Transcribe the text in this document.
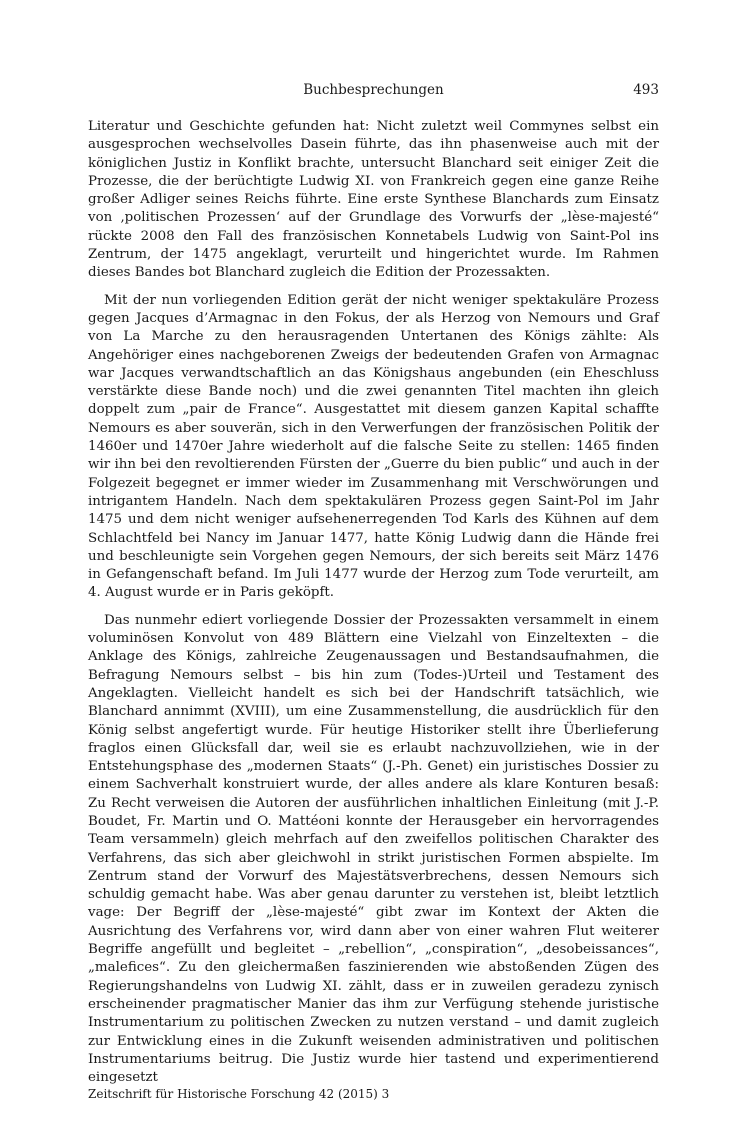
Buchbesprechungen	493

Literatur und Geschichte gefunden hat: Nicht zuletzt weil Commynes selbst ein ausgesprochen wechselvolles Dasein führte, das ihn phasenweise auch mit der königlichen Justiz in Konflikt brachte, untersucht Blanchard seit einiger Zeit die Prozesse, die der berüchtigte Ludwig XI. von Frankreich gegen eine ganze Reihe großer Adliger seines Reichs führte. Eine erste Synthese Blanchards zum Einsatz von ‚politischen Prozessen‘ auf der Grundlage des Vorwurfs der „lèse-majesté“ rückte 2008 den Fall des französischen Konnetabels Ludwig von Saint-Pol ins Zentrum, der 1475 angeklagt, verurteilt und hingerichtet wurde. Im Rahmen dieses Bandes bot Blanchard zugleich die Edition der Prozessakten.

Mit der nun vorliegenden Edition gerät der nicht weniger spektakuläre Prozess gegen Jacques d’Armagnac in den Fokus, der als Herzog von Nemours und Graf von La Marche zu den herausragenden Untertanen des Königs zählte: Als Angehöriger eines nachgeborenen Zweigs der bedeutenden Grafen von Armagnac war Jacques verwandtschaftlich an das Königshaus angebunden (ein Eheschluss verstärkte diese Bande noch) und die zwei genannten Titel machten ihn gleich doppelt zum „pair de France“. Ausgestattet mit diesem ganzen Kapital schaffte Nemours es aber souverän, sich in den Verwerfungen der französischen Politik der 1460er und 1470er Jahre wiederholt auf die falsche Seite zu stellen: 1465 finden wir ihn bei den revoltierenden Fürsten der „Guerre du bien public“ und auch in der Folgezeit begegnet er immer wieder im Zusammenhang mit Verschwörungen und intrigantem Handeln. Nach dem spektakulären Prozess gegen Saint-Pol im Jahr 1475 und dem nicht weniger aufsehenerregenden Tod Karls des Kühnen auf dem Schlachtfeld bei Nancy im Januar 1477, hatte König Ludwig dann die Hände frei und beschleunigte sein Vorgehen gegen Nemours, der sich bereits seit März 1476 in Gefangenschaft befand. Im Juli 1477 wurde der Herzog zum Tode verurteilt, am 4. August wurde er in Paris geköpft.

Das nunmehr ediert vorliegende Dossier der Prozessakten versammelt in einem voluminösen Konvolut von 489 Blättern eine Vielzahl von Einzeltexten – die Anklage des Königs, zahlreiche Zeugenaussagen und Bestandsaufnahmen, die Befragung Nemours selbst – bis hin zum (Todes-)Urteil und Testament des Angeklagten. Vielleicht handelt es sich bei der Handschrift tatsächlich, wie Blanchard annimmt (XVIII), um eine Zusammenstellung, die ausdrücklich für den König selbst angefertigt wurde. Für heutige Historiker stellt ihre Überlieferung fraglos einen Glücksfall dar, weil sie es erlaubt nachzuvollziehen, wie in der Entstehungsphase des „modernen Staats“ (J.-Ph. Genet) ein juristisches Dossier zu einem Sachverhalt konstruiert wurde, der alles andere als klare Konturen besaß: Zu Recht verweisen die Autoren der ausführlichen inhaltlichen Einleitung (mit J.-P. Boudet, Fr. Martin und O. Mattéoni konnte der Herausgeber ein hervorragendes Team versammeln) gleich mehrfach auf den zweifellos politischen Charakter des Verfahrens, das sich aber gleichwohl in strikt juristischen Formen abspielte. Im Zentrum stand der Vorwurf des Majestätsverbrechens, dessen Nemours sich schuldig gemacht habe. Was aber genau darunter zu verstehen ist, bleibt letztlich vage: Der Begriff der „lèse-majesté“ gibt zwar im Kontext der Akten die Ausrichtung des Verfahrens vor, wird dann aber von einer wahren Flut weiterer Begriffe angefüllt und begleitet – „rebellion“, „conspiration“, „desobeissances“, „malefices“. Zu den gleichermaßen faszinierenden wie abstoßenden Zügen des Regierungshandelns von Ludwig XI. zählt, dass er in zuweilen geradezu zynisch erscheinender pragmatischer Manier das ihm zur Verfügung stehende juristische Instrumentarium zu politischen Zwecken zu nutzen verstand – und damit zugleich zur Entwicklung eines in die Zukunft weisenden administrativen und politischen Instrumentariums beitrug. Die Justiz wurde hier tastend und experimentierend eingesetzt

Zeitschrift für Historische Forschung 42 (2015) 3
